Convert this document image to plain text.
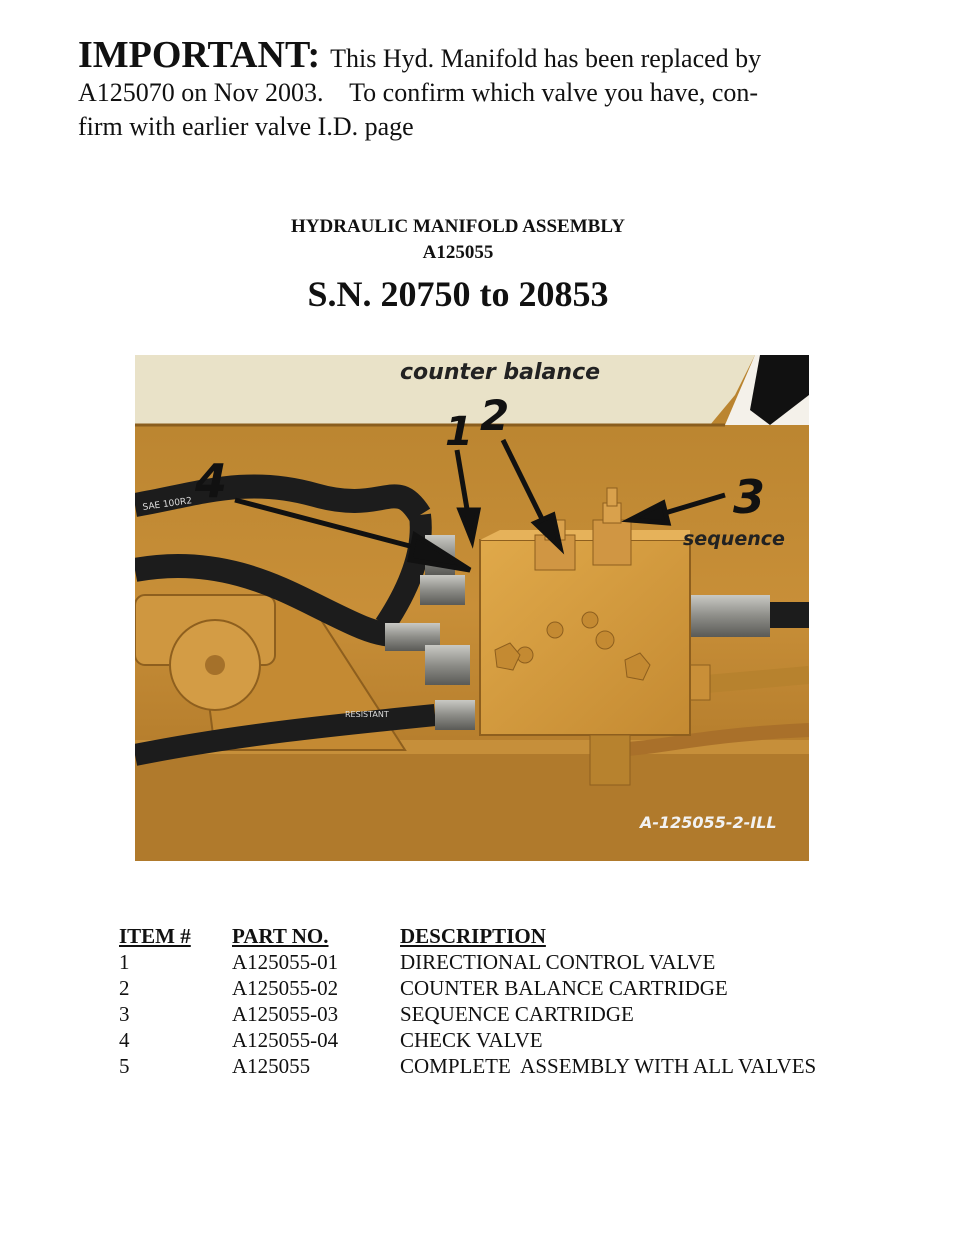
IMPORTANT: This Hyd. Manifold has been replaced by
A125070 on Nov 2003.    To confirm which valve you have, con-
firm with earlier valve I.D. page
HYDRAULIC MANIFOLD ASSEMBLY
A125055
S.N. 20750 to 20853
counter balance
SAE 100R2
RESISTANT
1 2
3
4
sequence
A-125055-2-ILL
ITEM #	PART NO.	DESCRIPTION
1	A125055-01	DIRECTIONAL CONTROL VALVE
2	A125055-02	COUNTER BALANCE CARTRIDGE
3	A125055-03	SEQUENCE CARTRIDGE
4	A125055-04	CHECK VALVE
5	A125055	COMPLETE  ASSEMBLY WITH ALL VALVES
